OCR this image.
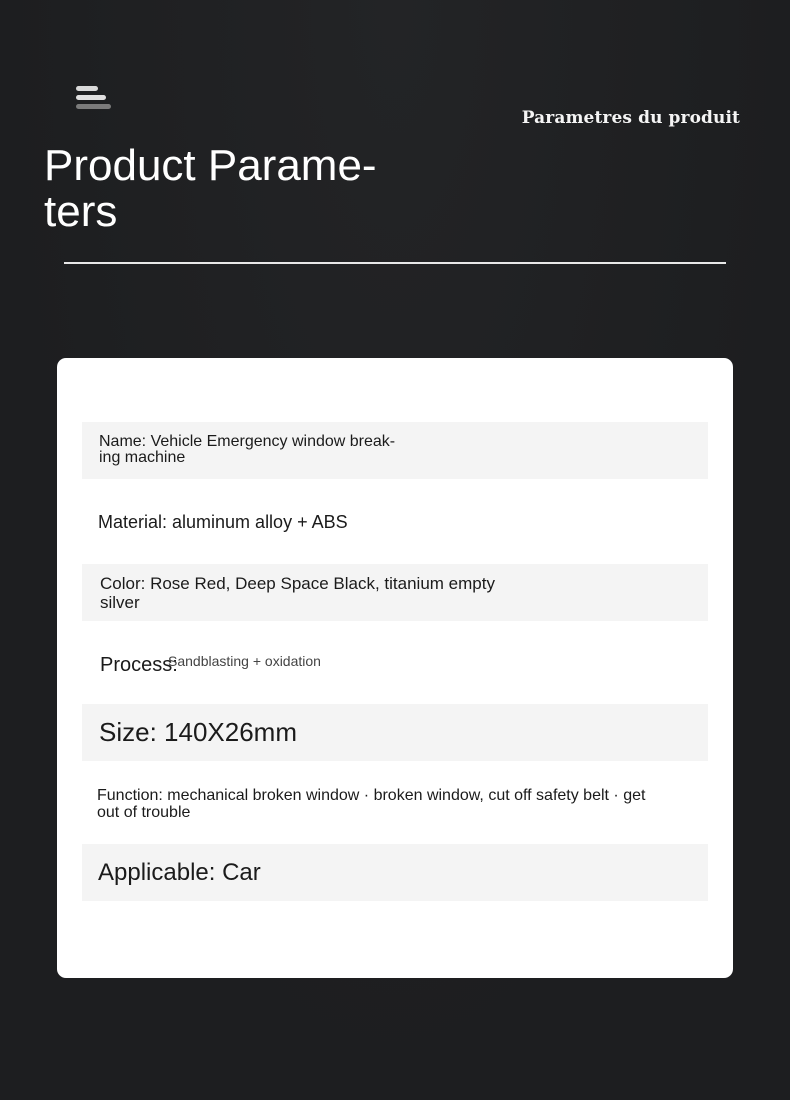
Parametres du produit
Product Parame-
ters
Name: Vehicle Emergency window break-
ing machine
Material: aluminum alloy + ABS
Color: Rose Red, Deep Space Black, titanium empty
silver
Process:
Sandblasting + oxidation
Size: 140X26mm
Function: mechanical broken window · broken window, cut off safety belt · get
out of trouble
Applicable: Car
